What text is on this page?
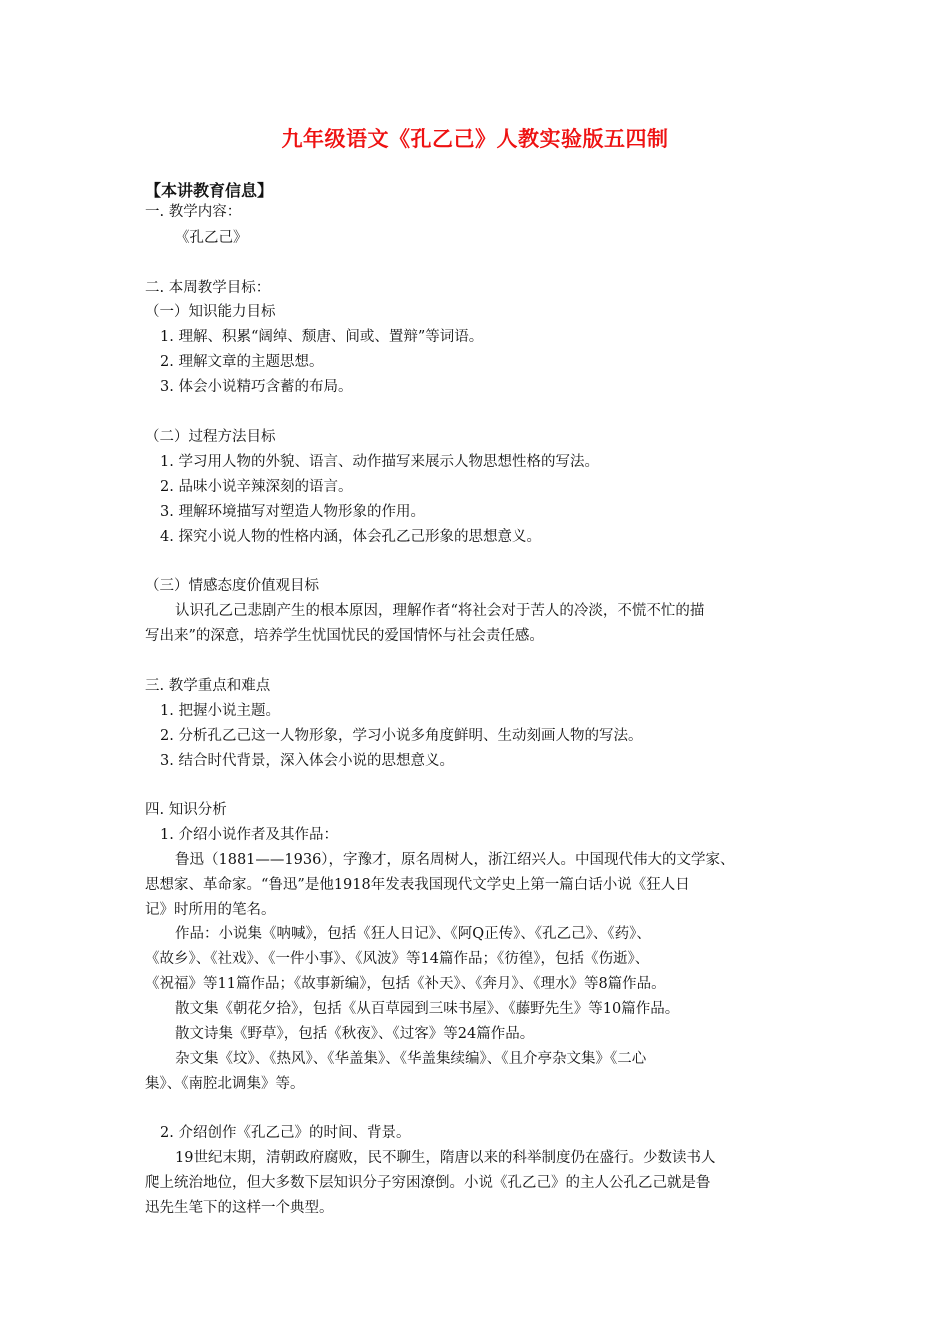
九年级语文《孔乙己》人教实验版五四制
【本讲教育信息】
一. 教学内容：
《孔乙己》
二. 本周教学目标：
（一）知识能力目标
1. 理解、积累“阔绰、颓唐、间或、置辩”等词语。
2. 理解文章的主题思想。
3. 体会小说精巧含蓄的布局。
（二）过程方法目标
1. 学习用人物的外貌、语言、动作描写来展示人物思想性格的写法。
2. 品味小说辛辣深刻的语言。
3. 理解环境描写对塑造人物形象的作用。
4. 探究小说人物的性格内涵，体会孔乙己形象的思想意义。
（三）情感态度价值观目标
认识孔乙己悲剧产生的根本原因，理解作者“将社会对于苦人的冷淡，不慌不忙的描
写出来”的深意，培养学生忧国忧民的爱国情怀与社会责任感。
三. 教学重点和难点
1. 把握小说主题。
2. 分析孔乙己这一人物形象，学习小说多角度鲜明、生动刻画人物的写法。
3. 结合时代背景，深入体会小说的思想意义。
四. 知识分析
1. 介绍小说作者及其作品：
鲁迅（1881——1936），字豫才，原名周树人，浙江绍兴人。中国现代伟大的文学家、
思想家、革命家。“鲁迅”是他1918年发表我国现代文学史上第一篇白话小说《狂人日
记》时所用的笔名。
作品：小说集《呐喊》，包括《狂人日记》、《阿Q正传》、《孔乙己》、《药》、
《故乡》、《社戏》、《一件小事》、《风波》等14篇作品；《彷徨》，包括《伤逝》、
《祝福》等11篇作品；《故事新编》，包括《补天》、《奔月》、《理水》等8篇作品。
散文集《朝花夕拾》，包括《从百草园到三味书屋》、《藤野先生》等10篇作品。
散文诗集《野草》，包括《秋夜》、《过客》等24篇作品。
杂文集《坟》、《热风》、《华盖集》、《华盖集续编》、《且介亭杂文集》《二心
集》、《南腔北调集》等。
2. 介绍创作《孔乙己》的时间、背景。
19世纪末期，清朝政府腐败，民不聊生，隋唐以来的科举制度仍在盛行。少数读书人
爬上统治地位，但大多数下层知识分子穷困潦倒。小说《孔乙己》的主人公孔乙己就是鲁
迅先生笔下的这样一个典型。
